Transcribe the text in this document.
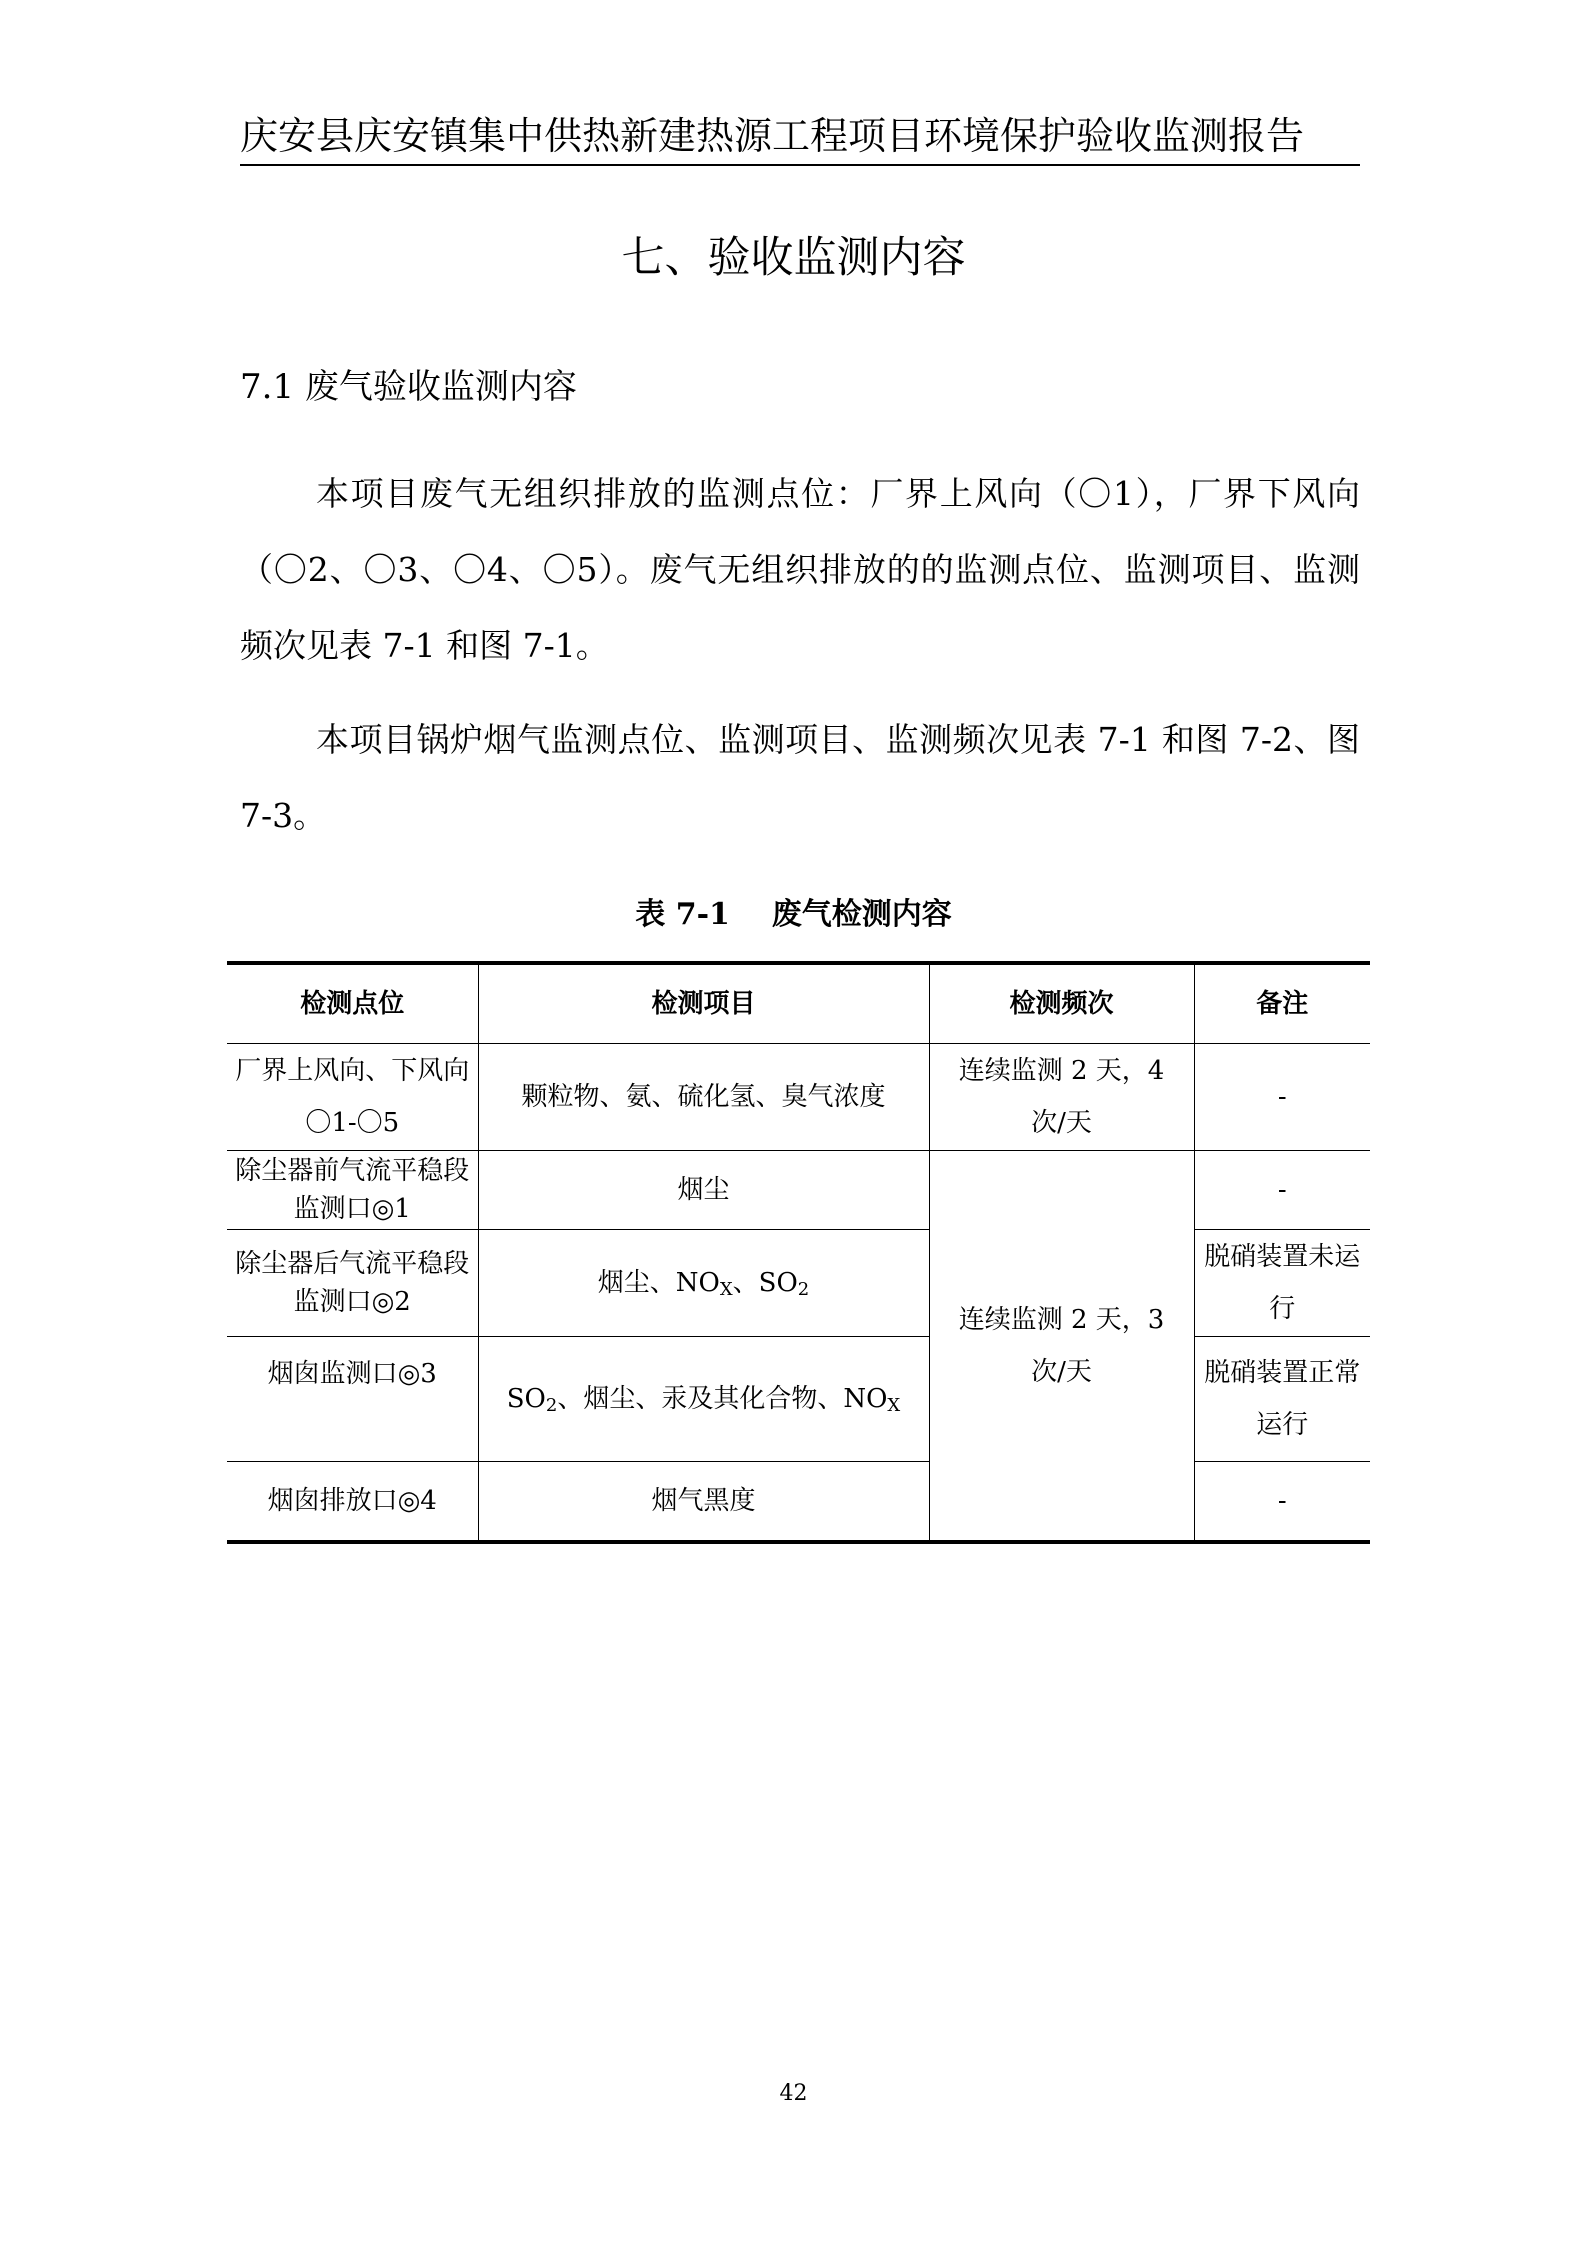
庆安县庆安镇集中供热新建热源工程项目环境保护验收监测报告
七、验收监测内容
7.1 废气验收监测内容

本项目废气无组织排放的监测点位：厂界上风向（〇1），厂界下风向（〇2、〇3、〇4、〇5）。废气无组织排放的的监测点位、监测项目、监测频次见表 7-1 和图 7-1。

本项目锅炉烟气监测点位、监测项目、监测频次见表 7-1 和图 7-2、图 7-3。

表 7-1    废气检测内容
检测点位	检测项目	检测频次	备注
厂界上风向、下风向〇1-〇5	颗粒物、氨、硫化氢、臭气浓度	连续监测 2 天，4 次/天	-
除尘器前气流平稳段监测口◎1	烟尘	连续监测 2 天，3 次/天	-
除尘器后气流平稳段监测口◎2	烟尘、$NO_X$、$SO_2$		脱硝装置未运行
烟囱监测口◎3	$SO_2$、烟尘、汞及其化合物、$NO_X$		脱硝装置正常运行
烟囱排放口◎4	烟气黑度		-
42
